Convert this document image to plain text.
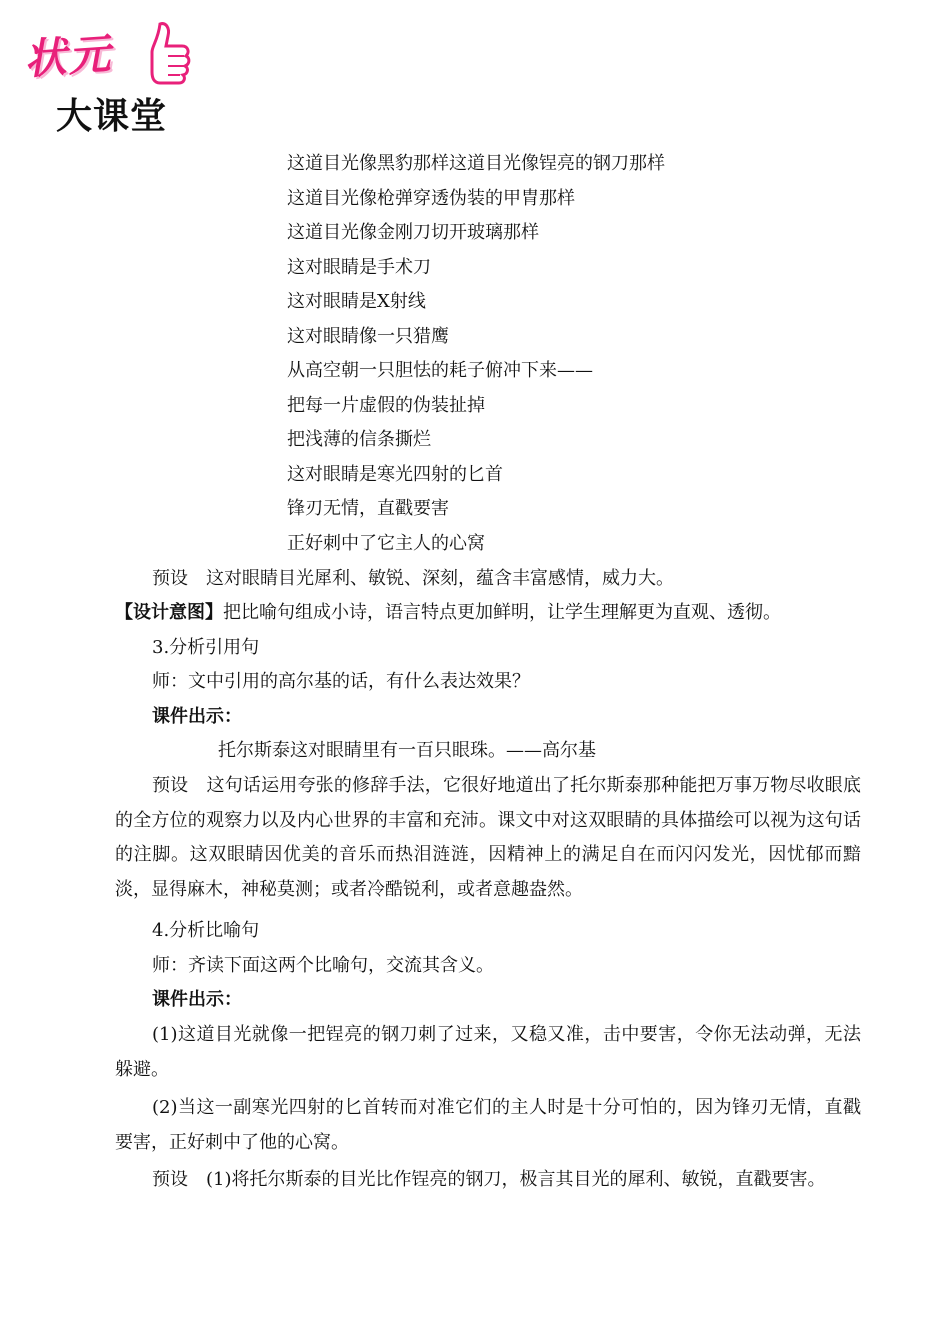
状元
大课堂
这道目光像黑豹那样这道目光像锃亮的钢刀那样
这道目光像枪弹穿透伪装的甲胄那样
这道目光像金刚刀切开玻璃那样
这对眼睛是手术刀
这对眼睛是X射线
这对眼睛像一只猎鹰
从高空朝一只胆怯的耗子俯冲下来——
把每一片虚假的伪装扯掉
把浅薄的信条撕烂
这对眼睛是寒光四射的匕首
锋刃无情，直戳要害
正好刺中了它主人的心窝
预设　这对眼睛目光犀利、敏锐、深刻，蕴含丰富感情，威力大。
【设计意图】把比喻句组成小诗，语言特点更加鲜明，让学生理解更为直观、透彻。
3.分析引用句
师：文中引用的高尔基的话，有什么表达效果？
课件出示：
托尔斯泰这对眼睛里有一百只眼珠。——高尔基
预设　这句话运用夸张的修辞手法，它很好地道出了托尔斯泰那种能把万事万物尽收眼底的全方位的观察力以及内心世界的丰富和充沛。课文中对这双眼睛的具体描绘可以视为这句话的注脚。这双眼睛因优美的音乐而热泪涟涟，因精神上的满足自在而闪闪发光，因忧郁而黯淡，显得麻木，神秘莫测；或者冷酷锐利，或者意趣盎然。
4.分析比喻句
师：齐读下面这两个比喻句，交流其含义。
课件出示：
(1)这道目光就像一把锃亮的钢刀刺了过来，又稳又准，击中要害，令你无法动弹，无法躲避。
(2)当这一副寒光四射的匕首转而对准它们的主人时是十分可怕的，因为锋刃无情，直戳要害，正好刺中了他的心窝。
预设　(1)将托尔斯泰的目光比作锃亮的钢刀，极言其目光的犀利、敏锐，直戳要害。
